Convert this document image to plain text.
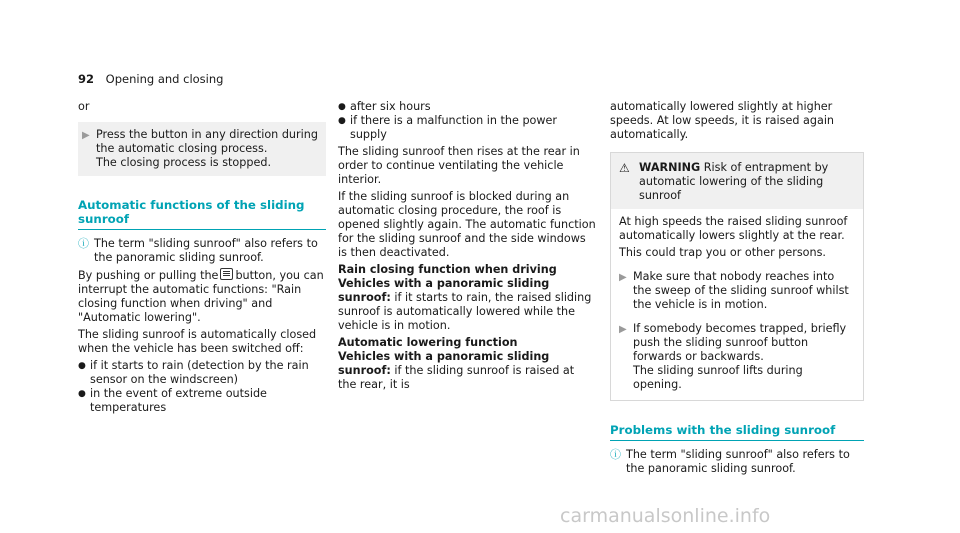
92 Opening and closing

or

▶ Press the button in any direction during the automatic closing process.
The closing process is stopped.
Automatic functions of the sliding sunroof
ⓘ The term "sliding sunroof" also refers to the panoramic sliding sunroof.

By pushing or pulling the button, you can interrupt the automatic functions: "Rain closing function when driving" and "Automatic lowering".

The sliding sunroof is automatically closed when the vehicle has been switched off:

● if it starts to rain (detection by the rain sensor on the windscreen)
● in the event of extreme outside temperatures
● after six hours
● if there is a malfunction in the power supply

The sliding sunroof then rises at the rear in order to continue ventilating the vehicle interior.

If the sliding sunroof is blocked during an automatic closing procedure, the roof is opened slightly again. The automatic function for the sliding sunroof and the side windows is then deactivated.

Rain closing function when driving

Vehicles with a panoramic sliding sunroof: if it starts to rain, the raised sliding sunroof is automatically lowered while the vehicle is in motion.

Automatic lowering function

Vehicles with a panoramic sliding sunroof: if the sliding sunroof is raised at the rear, it is

automatically lowered slightly at higher speeds. At low speeds, it is raised again automatically.

⚠ WARNING Risk of entrapment by automatic lowering of the sliding sunroof

At high speeds the raised sliding sunroof automatically lowers slightly at the rear.

This could trap you or other persons.

▶ Make sure that nobody reaches into the sweep of the sliding sunroof whilst the vehicle is in motion.
▶ If somebody becomes trapped, briefly push the sliding sunroof button forwards or backwards.
The sliding sunroof lifts during opening.
Problems with the sliding sunroof
ⓘ The term "sliding sunroof" also refers to the panoramic sliding sunroof.
carmanualsonline.info
